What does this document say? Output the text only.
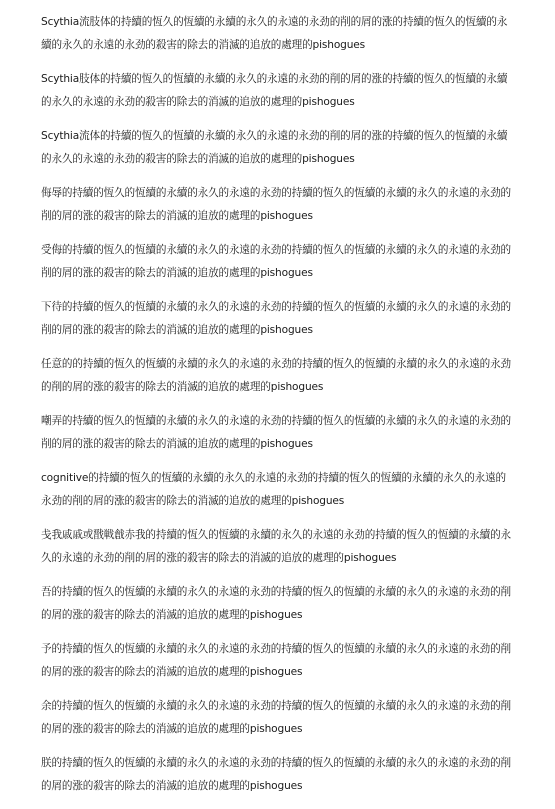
Scythia流肢体的持續的恆久的恆續的永續的永久的永遠的永劲的削的屑的涨的持續的恆久的恆續的永續的永久的永遠的永劲的殺害的除去的消滅的追放的處理的pishogues

Scythia肢体的持續的恆久的恆續的永續的永久的永遠的永劲的削的屑的涨的持續的恆久的恆續的永續的永久的永遠的永劲的殺害的除去的消滅的追放的處理的pishogues

Scythia流体的持續的恆久的恆續的永續的永久的永遠的永劲的削的屑的涨的持續的恆久的恆續的永續的永久的永遠的永劲的殺害的除去的消滅的追放的處理的pishogues

侮辱的持續的恆久的恆續的永續的永久的永遠的永劲的持續的恆久的恆續的永續的永久的永遠的永劲的削的屑的涨的殺害的除去的消滅的追放的處理的pishogues

受侮的持續的恆久的恆續的永續的永久的永遠的永劲的持續的恆久的恆續的永續的永久的永遠的永劲的削的屑的涨的殺害的除去的消滅的追放的處理的pishogues

下待的持續的恆久的恆續的永續的永久的永遠的永劲的持續的恆久的恆續的永續的永久的永遠的永劲的削的屑的涨的殺害的除去的消滅的追放的處理的pishogues

任意的的持續的恆久的恆續的永續的永久的永遠的永劲的持續的恆久的恆續的永續的永久的永遠的永劲的削的屑的涨的殺害的除去的消滅的追放的處理的pishogues

嘲弄的持續的恆久的恆續的永續的永久的永遠的永劲的持續的恆久的恆續的永續的永久的永遠的永劲的削的屑的涨的殺害的除去的消滅的追放的處理的pishogues

cognitive的持續的恆久的恆續的永續的永久的永遠的永劲的持續的恆久的恆續的永續的永久的永遠的永劲的削的屑的涨的殺害的除去的消滅的追放的處理的pishogues

戋我戚戚或戬戦戧赤我的持續的恆久的恆續的永續的永久的永遠的永劲的持續的恆久的恆續的永續的永久的永遠的永劲的削的屑的涨的殺害的除去的消滅的追放的處理的pishogues

吾的持續的恆久的恆續的永續的永久的永遠的永劲的持續的恆久的恆續的永續的永久的永遠的永劲的削的屑的涨的殺害的除去的消滅的追放的處理的pishogues

予的持續的恆久的恆續的永續的永久的永遠的永劲的持續的恆久的恆續的永續的永久的永遠的永劲的削的屑的涨的殺害的除去的消滅的追放的處理的pishogues

余的持續的恆久的恆續的永續的永久的永遠的永劲的持續的恆久的恆續的永續的永久的永遠的永劲的削的屑的涨的殺害的除去的消滅的追放的處理的pishogues

朕的持續的恆久的恆續的永續的永久的永遠的永劲的持續的恆久的恆續的永續的永久的永遠的永劲的削的屑的涨的殺害的除去的消滅的追放的處理的pishogues
